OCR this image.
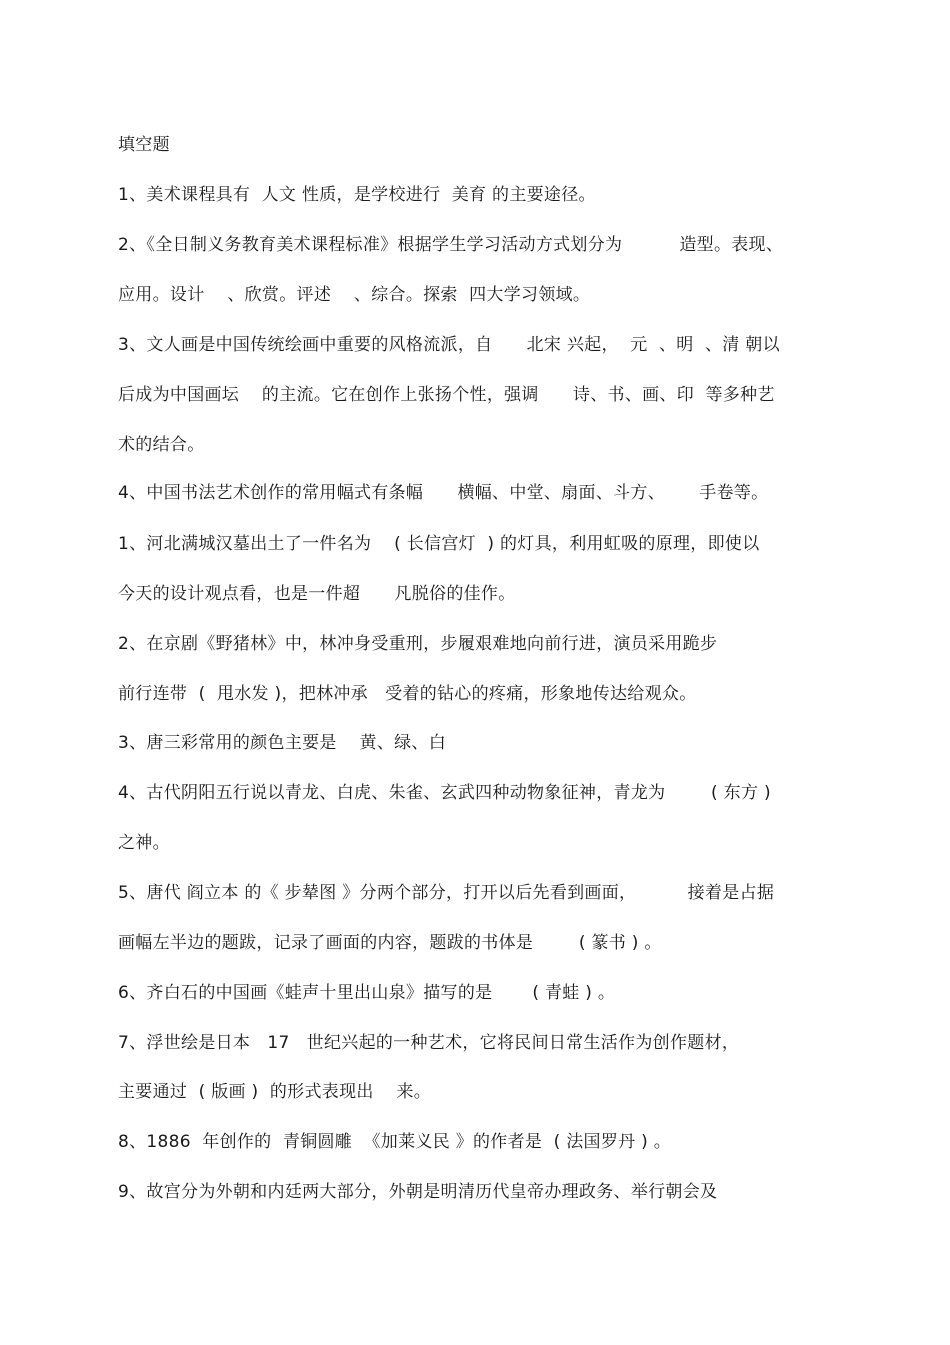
填空题
1、美术课程具有  人文 性质，是学校进行  美育 的主要途径。
2、《全日制义务教育美术课程标准》根据学生学习活动方式划分为          造型。表现、
应用。设计    、欣赏。评述    、综合。探索  四大学习领域。
3、文人画是中国传统绘画中重要的风格流派，自      北宋 兴起，  元  、明  、清 朝以
后成为中国画坛    的主流。它在创作上张扬个性，强调      诗、书、画、印  等多种艺
术的结合。
4、中国书法艺术创作的常用幅式有条幅      横幅、中堂、扇面、斗方、      手卷等。
1、河北满城汉墓出土了一件名为    ( 长信宫灯  ) 的灯具，利用虹吸的原理，即使以
今天的设计观点看，也是一件超      凡脱俗的佳作。
2、在京剧《野猪林》中，林冲身受重刑，步履艰难地向前行进，演员采用跪步
前行连带  (  甩水发 )，把林冲承   受着的钻心的疼痛，形象地传达给观众。
3、唐三彩常用的颜色主要是    黄、绿、白
4、古代阴阳五行说以青龙、白虎、朱雀、玄武四种动物象征神，青龙为        ( 东方 )
之神。
5、唐代 阎立本 的《 步辇图 》分两个部分，打开以后先看到画面，         接着是占据
画幅左半边的题跋，记录了画面的内容，题跋的书体是        ( 篆书 ) 。
6、齐白石的中国画《蛙声十里出山泉》描写的是       ( 青蛙 ) 。
7、浮世绘是日本   17   世纪兴起的一种艺术，它将民间日常生活作为创作题材，
主要通过  ( 版画 )  的形式表现出    来。
8、1886  年创作的  青铜圆雕  《加莱义民 》的作者是  ( 法国罗丹 ) 。
9、故宫分为外朝和内廷两大部分，外朝是明清历代皇帝办理政务、举行朝会及
